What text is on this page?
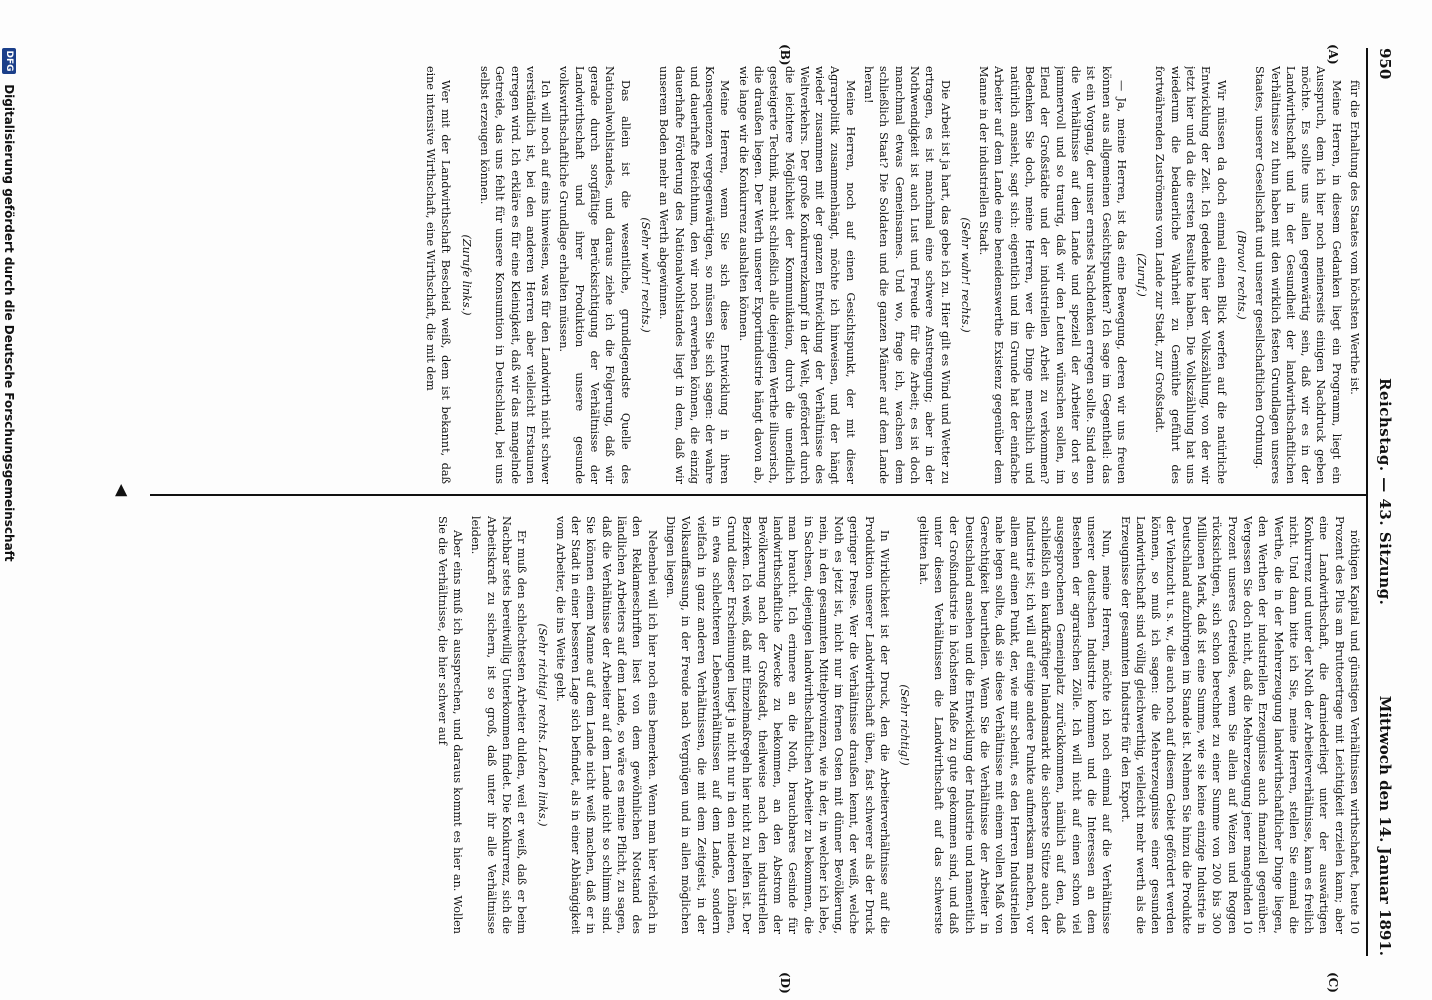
950
Reichstag. — 43. Sitzung.
Mittwoch den 14. Januar 1891.
(A)
(B)
(C)
(D)

für die Erhaltung des Staates vom höchsten Werthe ist.

Meine Herren, in diesem Gedanken liegt ein Programm, liegt ein Ausspruch, dem ich hier noch meinerseits einigen Nachdruck geben möchte. Es sollte uns allen gegenwärtig sein, daß wir es in der Landwirthschaft und in der Gesundheit der landwirthschaftlichen Verhältnisse zu thun haben mit den wirklich festen Grundlagen unseres Staates, unserer Gesellschaft und unserer gesellschaftlichen Ordnung.

(Bravo! rechts.)

Wir müssen da doch einmal einen Blick werfen auf die natürliche Entwicklung der Zeit. Ich gedenke hier der Volkszählung, von der wir jetzt hier und da die ersten Resultate haben. Die Volkszählung hat uns wiederum die bedauerliche Wahrheit zu Gemüthe geführt des fortwährenden Zuströmens vom Lande zur Stadt, zur Großstadt.

(Zuruf.)

— Ja, meine Herren, ist das eine Bewegung, deren wir uns freuen können aus allgemeinen Gesichtspunkten? Ich sage im Gegentheil: das ist ein Vorgang, der unser ernstes Nachdenken erregen sollte. Sind denn die Verhältnisse auf dem Lande und speziell der Arbeiter dort so jammervoll und so traurig, daß wir den Leuten wünschen sollen, im Elend der Großstädte und der industriellen Arbeit zu verkommen? Bedenken Sie doch, meine Herren, wer die Dinge menschlich und natürlich ansieht, sagt sich: eigentlich und im Grunde hat der einfache Arbeiter auf dem Lande eine beneidenswerthe Existenz gegenüber dem Manne in der industriellen Stadt.

(Sehr wahr! rechts.)

Die Arbeit ist ja hart, das gebe ich zu. Hier gilt es Wind und Wetter zu ertragen, es ist manchmal eine schwere Anstrengung; aber in der Nothwendigkeit ist auch Lust und Freude für die Arbeit; es ist doch manchmal etwas Gemeinsames. Und wo, frage ich, wachsen dem schließlich Staat? Die Soldaten und die ganzen Männer auf dem Lande heran!

Meine Herren, noch auf einen Gesichtspunkt, der mit dieser Agrarpolitik zusammenhängt, möchte ich hinweisen, und der hängt wieder zusammen mit der ganzen Entwicklung der Verhältnisse des Weltverkehrs. Der große Konkurrenzkampf in der Welt, gefördert durch die leichtere Möglichkeit der Kommunikation, durch die unendlich gesteigerte Technik, macht schließlich alle diejenigen Werthe illusorisch, die draußen liegen. Der Werth unserer Exportindustrie hängt davon ab, wie lange wir die Konkurrenz aushalten können.

Meine Herren, wenn Sie sich diese Entwicklung in ihren Konsequenzen vergegenwärtigen, so müssen Sie sich sagen: der wahre und dauerhafte Reichthum, den wir noch erwerben können, die einzig dauerhafte Förderung des Nationalwohlstandes liegt in dem, daß wir unserem Boden mehr an Werth abgewinnen.

(Sehr wahr! rechts.)

Das allein ist die wesentliche, grundlegendste Quelle des Nationalwohlstandes, und daraus ziehe ich die Folgerung, daß wir gerade durch sorgfältige Berücksichtigung der Verhältnisse der Landwirthschaft und ihrer Produktion unsere gesunde volkswirthschaftliche Grundlage erhalten müssen.

Ich will noch auf eins hinweisen, was für den Landwirth nicht schwer verständlich ist, bei den anderen Herren aber vielleicht Erstaunen erregen wird. Ich erkläre es für eine Kleinigkeit, daß wir das mangelnde Getreide, das uns fehlt für unsere Konsumtion in Deutschland, bei uns selbst erzeugen können.

(Zurufe links.)

Wer mit der Landwirthschaft Bescheid weiß, dem ist bekannt, daß eine intensive Wirthschaft, eine Wirthschaft, die mit dem

nöthigen Kapital und günstigen Verhältnissen wirthschaftet, heute 10 Prozent des Plus am Bruttoertrage mit Leichtigkeit erzielen kann; aber eine Landwirthschaft, die darniederliegt unter der auswärtigen Konkurrenz und unter der Noth der Arbeiterverhältnisse, kann es freilich nicht. Und dann bitte ich Sie, meine Herren, stellen Sie einmal die Werthe, die in der Mehrerzeugung landwirthschaftlicher Dinge liegen, den Werthen der industriellen Erzeugnisse auch finanziell gegenüber. Vergessen Sie doch nicht, daß die Mehrerzeugung jener mangelnden 10 Prozent unseres Getreides, wenn Sie allein auf Weizen und Roggen rücksichtigen, sich schon berechnet zu einer Summe von 200 bis 300 Millionen Mark, daß ist eine Summe, wie sie keine einzige Industrie in Deutschland aufzubringen im Stande ist. Nehmen Sie hinzu die Produkte der Viehzucht u. s. w., die auch noch auf diesem Gebiet gefördert werden können, so muß ich sagen: die Mehrerzeugnisse einer gesunden Landwirthschaft sind völlig gleichwerthig, vielleicht mehr werth als die Erzeugnisse der gesammten Industrie für den Export.

Nun, meine Herren, möchte ich noch einmal auf die Verhältnisse unserer deutschen Industrie kommen und die Interessen an dem Bestehen der agrarischen Zölle. Ich will nicht auf einen schon viel ausgesprochenen Gemeinplatz zurückkommen, nämlich auf den, daß schließlich ein kaufkräftiger Inlandsmarkt die sicherste Stütze auch der Industrie ist; ich will auf einige andere Punkte aufmerksam machen, vor allem auf einen Punkt, der, wie mir scheint, es den Herren Industriellen nahe legen sollte, daß sie diese Verhältnisse mit einem vollen Maß von Gerechtigkeit beurtheilen. Wenn Sie die Verhältnisse der Arbeiter in Deutschland ansehen und die Entwicklung der Industrie und namentlich der Großindustrie in höchstem Maße zu gute gekommen sind, und daß unter diesen Verhältnissen die Landwirthschaft auf das schwerste gelitten hat.

(Sehr richtig!)

In Wirklichkeit ist der Druck, den die Arbeiterverhältnisse auf die Produktion unserer Landwirthschaft üben, fast schwerer als der Druck geringer Preise. Wer die Verhältnisse draußen kennt, der weiß, welche Noth es jetzt ist, nicht nur im fernen Osten mit dünner Bevölkerung, nein, in den gesammten Mittelprovinzen, wie in der, in welcher ich lebe, in Sachsen, diejenigen landwirthschaftlichen Arbeiter zu bekommen, die man braucht. Ich erinnere an die Noth, brauchbares Gesinde für landwirthschaftliche Zwecke zu bekommen, an den Abstrom der Bevölkerung nach der Großstadt, theilweise nach den industriellen Bezirken. Ich weiß, daß mit Einzelmaßregeln hier nicht zu helfen ist. Der Grund dieser Erscheinungen liegt ja nicht nur in den niederen Löhnen, in etwa schlechteren Lebensverhältnissen auf dem Lande, sondern vielfach in ganz anderen Verhältnissen, die mit dem Zeitgeist, in der Volksauffassung, in der Freude nach Vergnügen und in allen möglichen Dingen liegen.

Nebenbei will ich hier noch eins bemerken. Wenn man hier vielfach in den Reklameschriften liest von dem gewöhnlichen Notstand des ländlichen Arbeiters auf dem Lande, so wäre es meine Pflicht, zu sagen, daß die Verhältnisse der Arbeiter auf dem Lande nicht so schlimm sind. Sie können einem Manne auf dem Lande nicht weiß machen, daß er in der Stadt in einer besseren Lage sich befindet, als in einer Abhängigkeit vom Arbeiter, die ins Weite geht.

(Sehr richtig! rechts. Lachen links.)

Er muß den schlechtesten Arbeiter dulden, weil er weiß, daß er beim Nachbar stets bereitwillig Unterkommen findet. Die Konkurrenz, sich die Arbeitskraft zu sichern, ist so groß, daß unter ihr alle Verhältnisse leiden.

Aber eins muß ich aussprechen, und daraus kommt es hier an. Wollen Sie die Verhältnisse, die hier schwer auf

◀
DFG Digitalisierung gefördert durch die Deutsche Forschungsgemeinschaft
